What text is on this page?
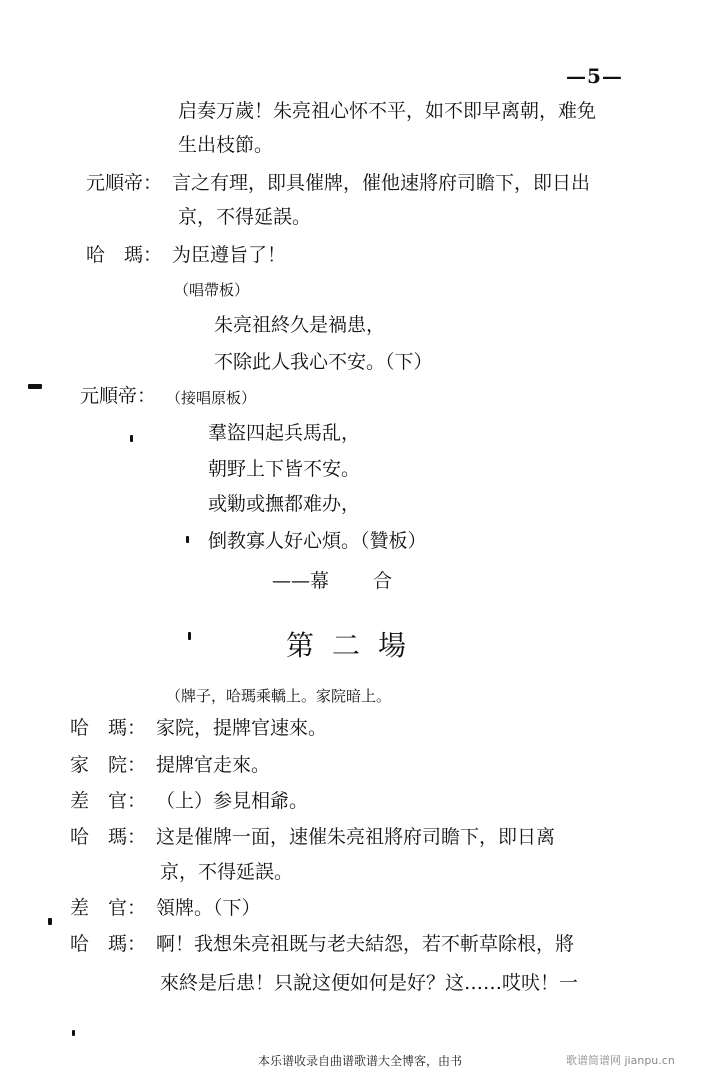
—5—
启奏万歲！朱亮祖心怀不平，如不即早离朝，难免
生出枝節。
元順帝： 言之有理，即具催牌，催他速將府司瞻下，即日出
京，不得延誤。
哈　瑪： 为臣遵旨了！
（唱帶板）
朱亮祖終久是禍患，
不除此人我心不安。（下）
元順帝： （接唱原板）
羣盜四起兵馬乱，
朝野上下皆不安。
或勦或撫都难办，
倒教寡人好心煩。（贊板）
——幕 合
第二場
（牌子，哈瑪乘轎上。家院暗上。
哈　瑪： 家院，提牌官速來。
家　院： 提牌官走來。
差　官： （上）参見相爺。
哈　瑪： 这是催牌一面，速催朱亮祖將府司瞻下，即日离
京，不得延誤。
差　官： 領牌。（下）
哈　瑪： 啊！我想朱亮祖既与老夫結怨，若不斬草除根，將
來終是后患！只說这便如何是好？这……哎吠！一
本乐谱收录自曲谱歌谱大全博客，由书	歌谱简谱网 jianpu.cn
